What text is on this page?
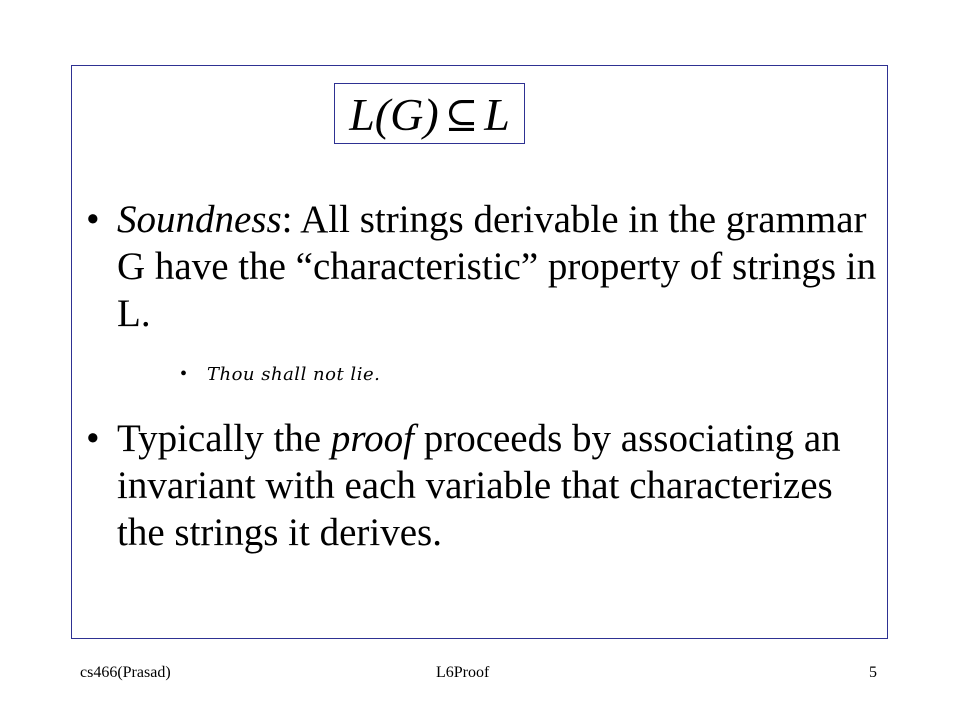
L(G) ⊆ L
• Soundness: All strings derivable in the grammar G have the “characteristic” property of strings in L.
• Thou shall not lie.
• Typically the proof proceeds by associating an invariant with each variable that characterizes the strings it derives.
cs466(Prasad)	L6Proof	5
